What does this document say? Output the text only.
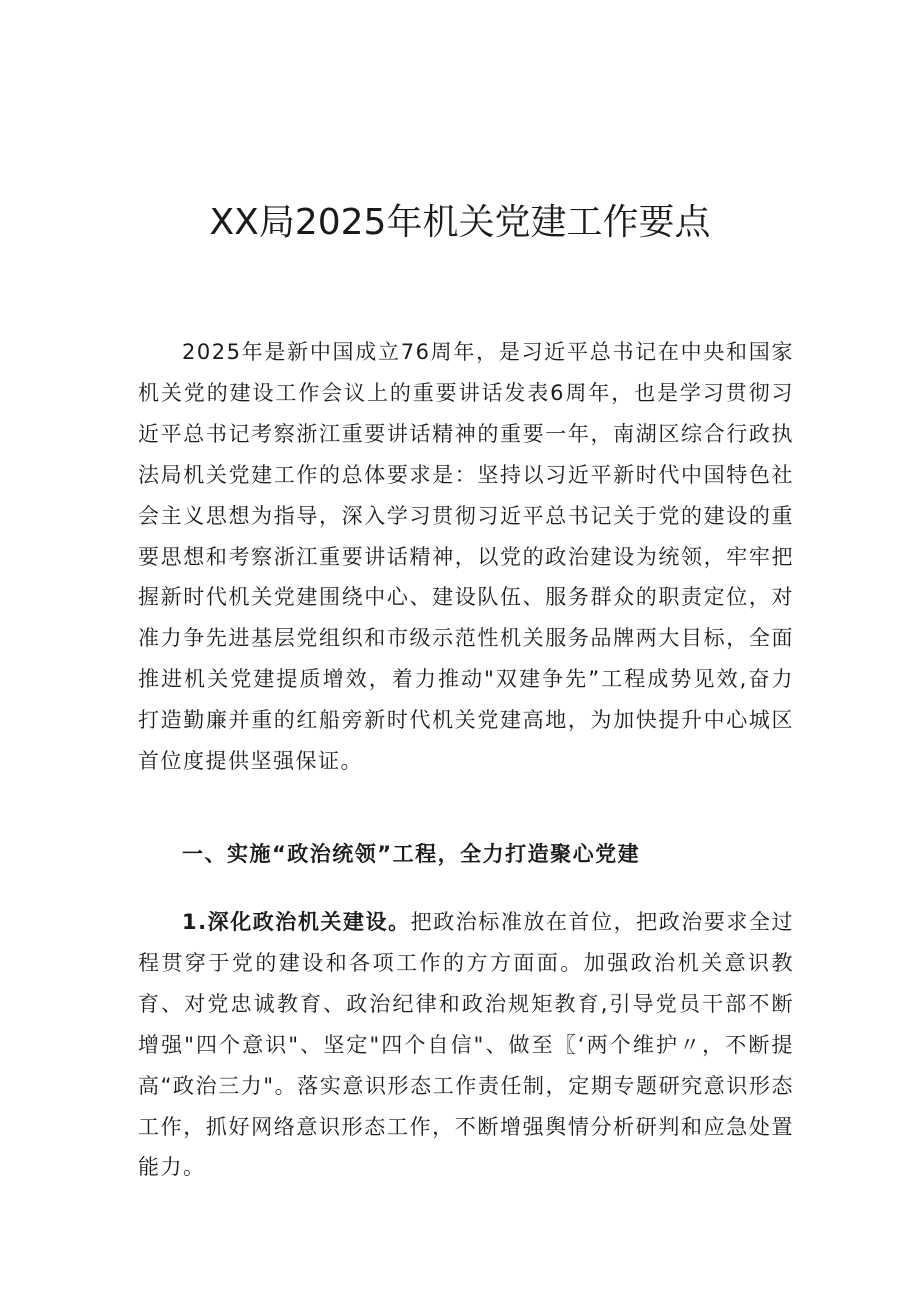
XX局2025年机关党建工作要点

2025年是新中国成立76周年，是习近平总书记在中央和国家机关党的建设工作会议上的重要讲话发表6周年，也是学习贯彻习近平总书记考察浙江重要讲话精神的重要一年，南湖区综合行政执法局机关党建工作的总体要求是：坚持以习近平新时代中国特色社会主义思想为指导，深入学习贯彻习近平总书记关于党的建设的重要思想和考察浙江重要讲话精神，以党的政治建设为统领，牢牢把握新时代机关党建围绕中心、建设队伍、服务群众的职责定位，对准力争先进基层党组织和市级示范性机关服务品牌两大目标，全面推进机关党建提质增效，着力推动"双建争先”工程成势见效,奋力打造勤廉并重的红船旁新时代机关党建高地，为加快提升中心城区首位度提供坚强保证。

一、实施“政治统领”工程，全力打造聚心党建

1.深化政治机关建设。把政治标准放在首位，把政治要求全过程贯穿于党的建设和各项工作的方方面面。加强政治机关意识教育、对党忠诚教育、政治纪律和政治规矩教育,引导党员干部不断增强"四个意识"、坚定"四个自信"、做至〖‘两个维护〃，不断提高“政治三力"。落实意识形态工作责任制，定期专题研究意识形态工作，抓好网络意识形态工作，不断增强舆情分析研判和应急处置能力。
